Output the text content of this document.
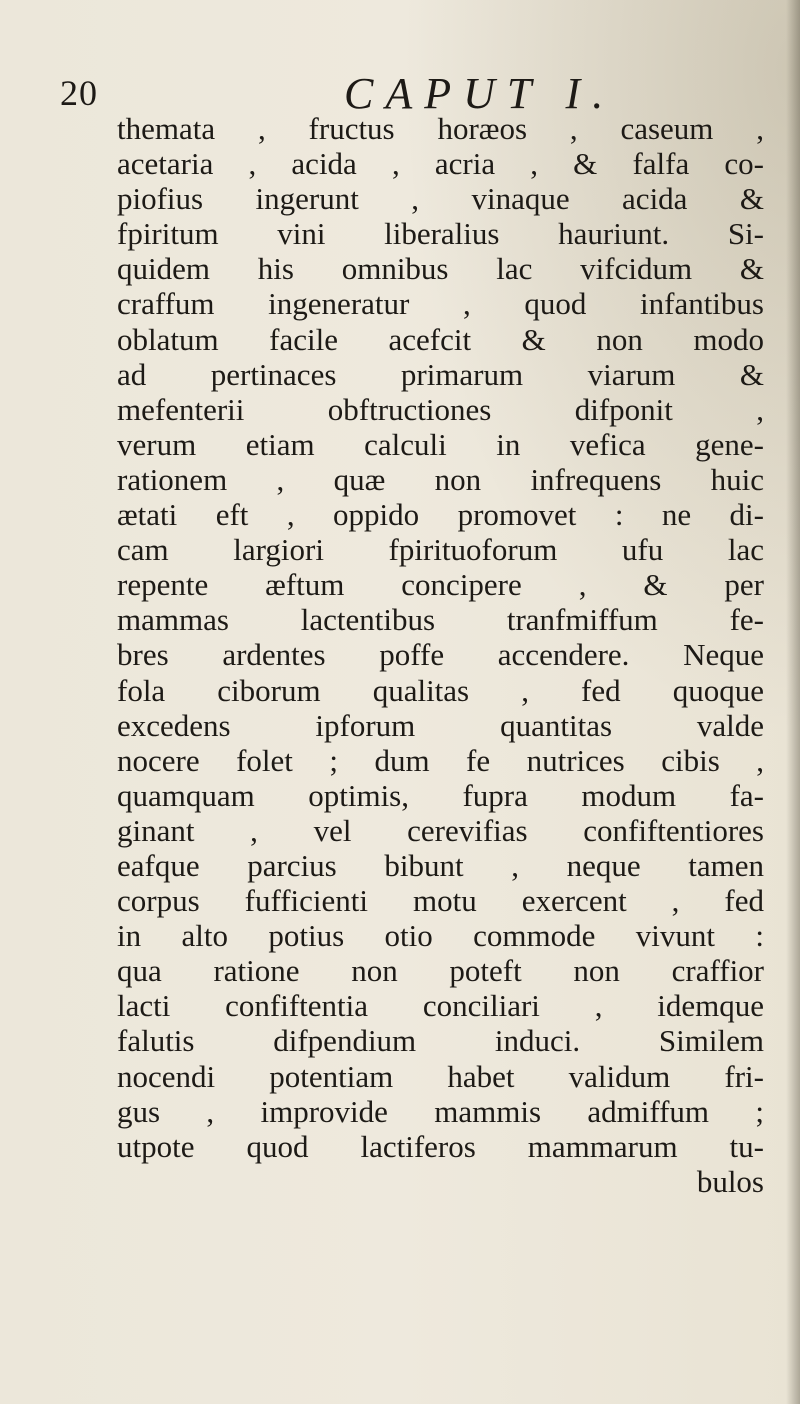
20	CAPUT I.
themata , fructus horæos , caseum ,
acetaria , acida , acria , & falfa co-
piofius ingerunt , vinaque acida &
fpiritum vini liberalius hauriunt. Si-
quidem his omnibus lac vifcidum &
craffum ingeneratur , quod infantibus
oblatum facile acefcit & non modo
ad pertinaces primarum viarum &
mefenterii obftructiones difponit ,
verum etiam calculi in vefica gene-
rationem , quæ non infrequens huic
ætati eft , oppido promovet : ne di-
cam largiori fpirituoforum ufu lac
repente æftum concipere , & per
mammas lactentibus tranfmiffum fe-
bres ardentes poffe accendere. Neque
fola ciborum qualitas , fed quoque
excedens ipforum quantitas valde
nocere folet ; dum fe nutrices cibis ,
quamquam optimis, fupra modum fa-
ginant , vel cerevifias confiftentiores
eafque parcius bibunt , neque tamen
corpus fufficienti motu exercent , fed
in alto potius otio commode vivunt :
qua ratione non poteft non craffior
lacti confiftentia conciliari , idemque
falutis difpendium induci. Similem
nocendi potentiam habet validum fri-
gus , improvide mammis admiffum ;
utpote quod lactiferos mammarum tu-
bulos
